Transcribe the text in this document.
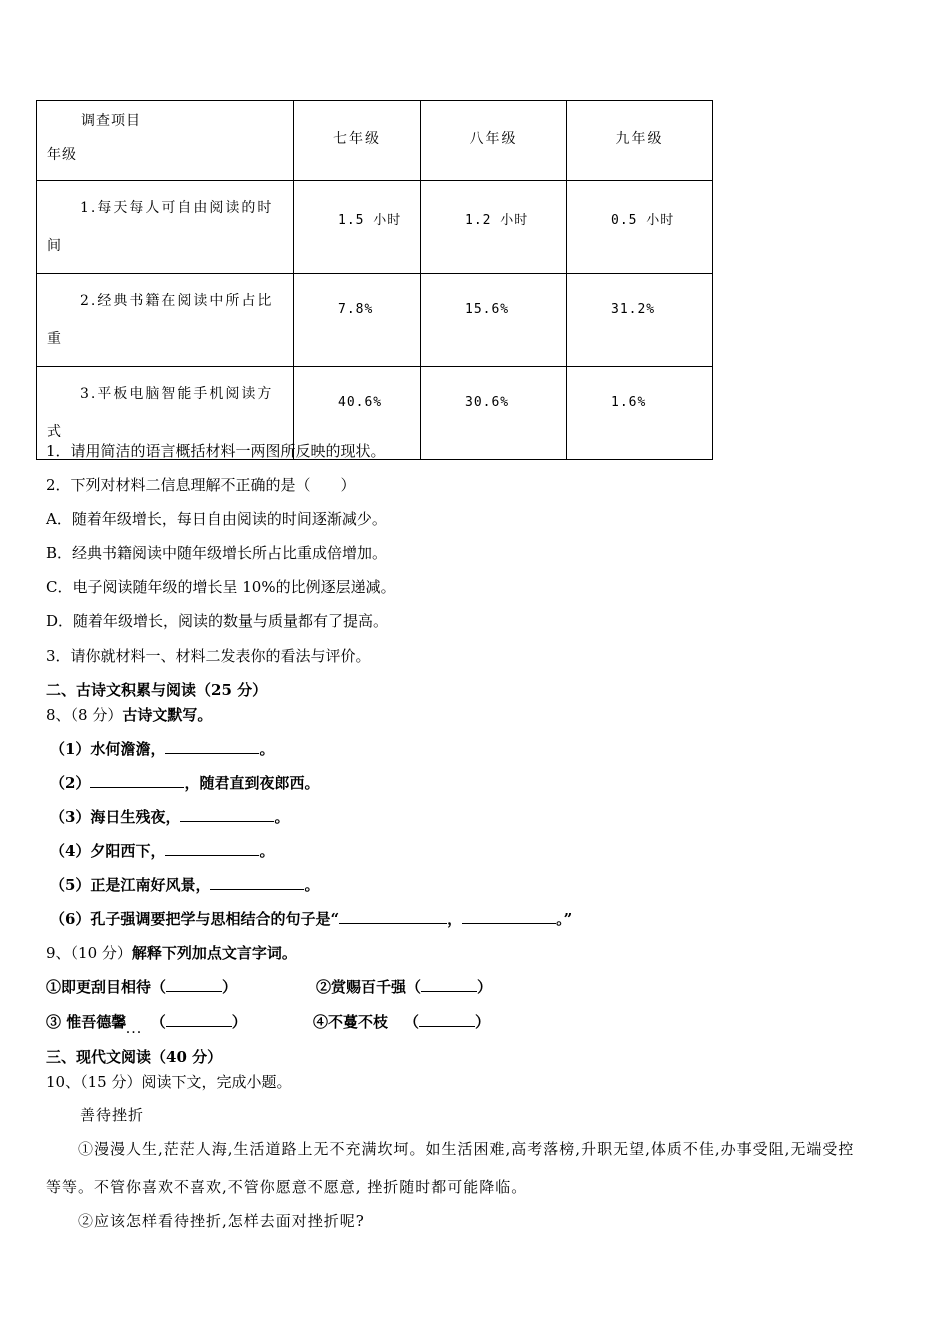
调查项目
年级	七年级	八年级	九年级

1.每天每人可自由阅读的时
间	1.5 小时	1.2 小时	0.5 小时

2.经典书籍在阅读中所占比
重	7.8%	15.6%	31.2%

3.平板电脑智能手机阅读方
式	40.6%	30.6%	1.6%
1．请用简洁的语言概括材料一两图所反映的现状。
2．下列对材料二信息理解不正确的是（　　）
A．随着年级增长，每日自由阅读的时间逐渐减少。
B．经典书籍阅读中随年级增长所占比重成倍增加。
C．电子阅读随年级的增长呈 10%的比例逐层递减。
D．随着年级增长，阅读的数量与质量都有了提高。
3．请你就材料一、材料二发表你的看法与评价。
二、古诗文积累与阅读（25 分）
8、（8 分）古诗文默写。
（1）水何澹澹，	。
（2）	，随君直到夜郎西。
（3）海日生残夜，	。
（4）夕阳西下，	。
（5）正是江南好风景，	。
（6）孔子强调要把学与思相结合的句子是“	，	。”
9、（10 分）解释下列加点文言字词。
①即更刮目相待（	）	②赏赐百千强（	）
③ 惟吾德馨$_{...}$ （	）	④不蔓不枝 （	）
三、现代文阅读（40 分）
10、（15 分）阅读下文，完成小题。
善待挫折
①漫漫人生,茫茫人海,生活道路上无不充满坎坷。如生活困难,高考落榜,升职无望,体质不佳,办事受阻,无端受控
等等。不管你喜欢不喜欢,不管你愿意不愿意, 挫折随时都可能降临。
②应该怎样看待挫折,怎样去面对挫折呢?
